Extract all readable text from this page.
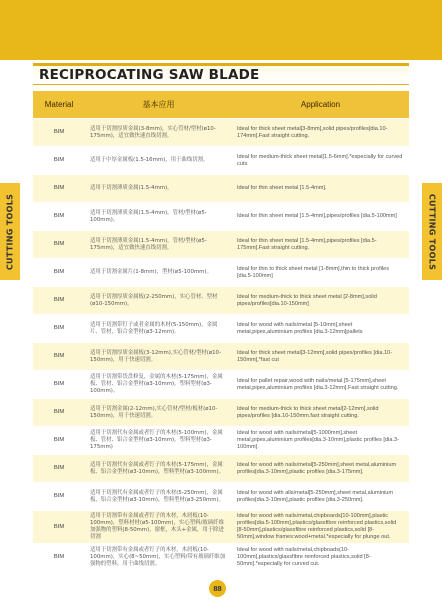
RECIPROCATING SAW BLADE
CUTTING TOOLS	CUTTING TOOLS
Material	基本应用	Application
BIM	适用于切割厚质金属(3-8mm)，实心管材/型材(ø10-175mm)，适宜做快速直线切割。	Ideal for thick sheet metal[3-8mm],solid pipes/profiles[dia.10-174mm].Fast straight cutting.
BIM	适用于中厚金属板(1.5-16mm)，用于曲线切割。	Ideal for medium-thick sheet metal[1.5-6mm].*especially for curved cuts
BIM	适用于切割薄质金属(1.5-4mm)。	Ideal for thin sheet metal [1.5-4mm].
BIM	适用于切割薄质金属(1.5-4mm)，管材/型材(ø5-100mm)。	Ideal for thin sheet metal [1.5-4mm],pipes/profiles [dia.5-100mm]
BIM	适用于切割薄质金属(1.5-4mm)，管材/型材(ø5-175mm)，适宜做快速直线切割。	Ideal for thin sheet metal [1.5-4mm],pipes/profiles [dia.5-175mm].Fast straight cutting.
BIM	适用于切割金属片(1-8mm)，型材(ø5-100mm)。	Ideal for thin to thick sheet metal [1-8mm],thin to thick profiles [dia.5-100mm]
BIM	适用于切割厚质金属板(2-250mm)，实心管材、型材(ø10-150mm)。	Ideal for medium-thick to thick sheet metal [2-8mm],solid pipes/profiles[dia.10-150mm]
BIM	适用于切割带钉子或者金属的木材(5-150mm)，金属片、管材、铝合金型材(ø3-12mm)。	Ideal for wood with nails/metal [5-10mm],sheet metal,pipes,aluminium profiles [dia.3-12mm]pallets
BIM	适用于切割厚质金属板(3-12mm),实心管材/型材(ø10-150mm)，用于快速切割。	Ideal for thick sheet metal[3-12mm],solid pipes/profiles [dia.10-150mm],*fast cut
BIM	适用于切割带货盘修复，金属的木材(5-175mm)，金属板、管材、铝合金型材(ø3-10mm)，塑料型材(ø3-100mm)。	Ideal for pallet repair,wood with nails/metal [5-175mm],sheet metal,pipes,aluminium profiles [dia.3-12mm].Fast straight cutting.
BIM	适用于切割金属(2-12mm),实心管材/型材/板材(ø10-150mm)，用于快速切割。	Ideal for medium-thick to thick sheet metal[2-12mm],solid pipes/profiles [dia.10-150mm.fast straight cutting.
BIM	适用于切割代有金属或者钉子的木材(5-100mm)，金属板、管材、铝合金型材(ø3-10mm)，塑料型材(ø3-175mm)	Ideal for wood with nails/metal[5-1000mm],sheet metal,pipes,aluminium profiles[dia.3-10mm],plastic profiles [dia.3-100mm].
BIM	适用于切割代有金属或者钉子的木材(5-175mm)，金属板、铝合金型材(ø3-10mm)，塑料型材(ø3-100mm)。	Ideal for wood with nails/metal[5-250mm],sheet metal,aluminium profiles[dia.3-10mm],plastic profiles [dia.3-175mm].
BIM	适用于切割代有金属或者钉子的木材(5-250mm)，金属板、铝合金型材(ø3-10mm)，塑料型材(ø3-250mm)。	Ideal for wood with alls/metal[5-250mm],sheet metal,aluminium profiles[dia.3-10mm],plastic profiles [dia.3-250mm].
BIM	适用于切割带有金属或者钉子的木材，木屑板(10-100mm)，塑料材材(ø5-100mm)，实心塑料/玻璃纤维加强物的塑料(8-50mm)，窗框，木头+金属，用于除进切割	Ideal for wood with nails/metal,chipboards[10-100mm],plastic profiles[dia.5-100mm],plastics/glassfibre reinforced plastics,solid [8-50mm],plastics/glassfibre reinforced plastics,solid [8-50mm],window frames:wood+metal.*especially for plunge out.
BIM	适用于切割带有金属或者钉子的木材，木屑板(10-100mm)，实心(8~50mm)，实心塑料/带有玻璃纤维加强物的塑料，用于曲线切割。	Ideal for wood with nails/metal,chipboads(10-100mm],plastics/glassfibre reinforced plastics,solid [8-50mm].*especially for curved cut.
88
